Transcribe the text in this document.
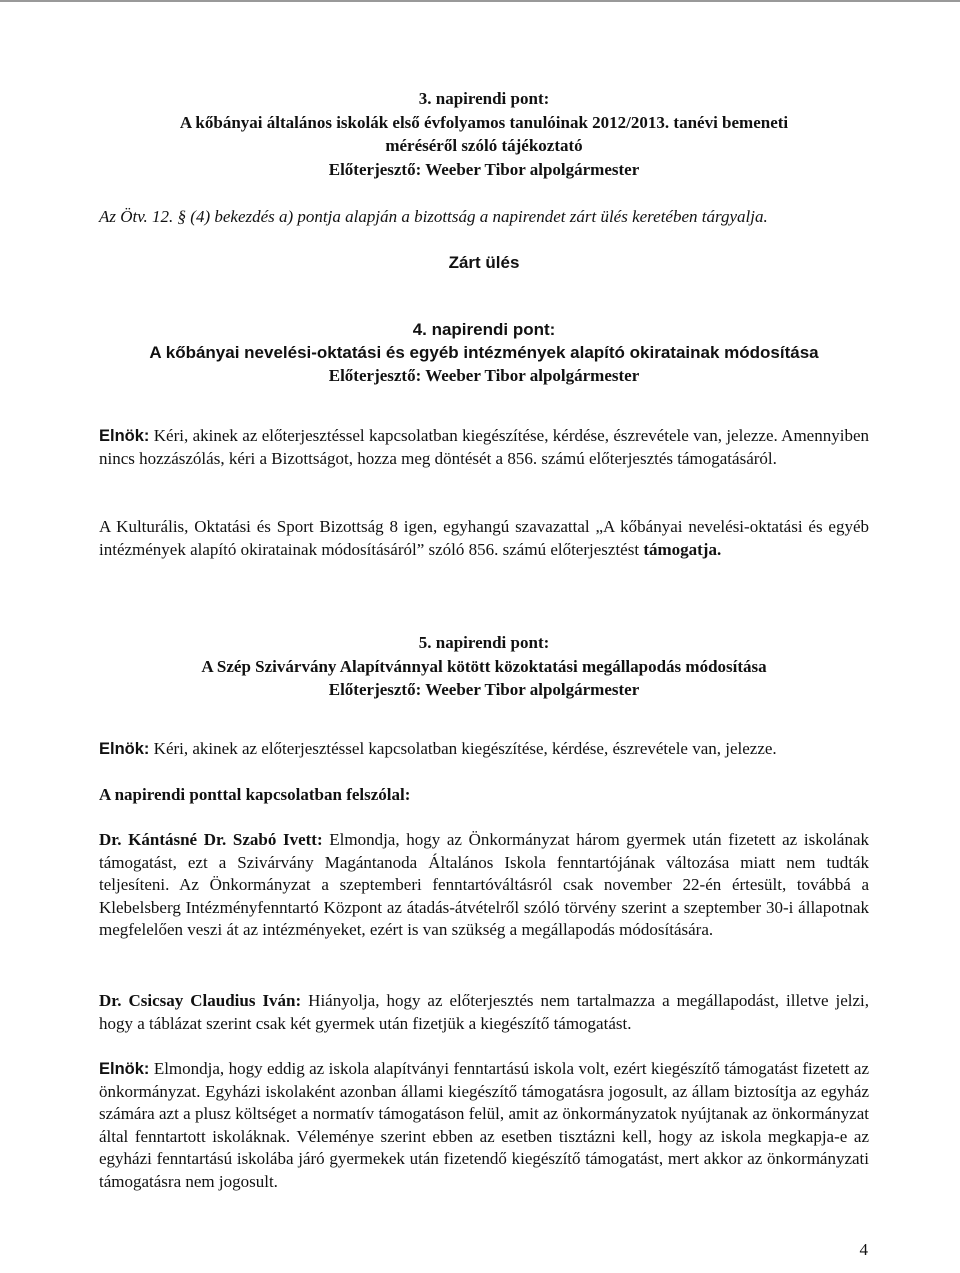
3. napirendi pont:
A kőbányai általános iskolák első évfolyamos tanulóinak 2012/2013. tanévi bemeneti
méréséről szóló tájékoztató
Előterjesztő: Weeber Tibor alpolgármester
Az Ötv. 12. § (4) bekezdés a) pontja alapján a bizottság a napirendet zárt ülés keretében tárgyalja.
Zárt ülés
4. napirendi pont:
A kőbányai nevelési-oktatási és egyéb intézmények alapító okiratainak módosítása
Előterjesztő: Weeber Tibor alpolgármester
Elnök: Kéri, akinek az előterjesztéssel kapcsolatban kiegészítése, kérdése, észrevétele van, jelezze. Amennyiben nincs hozzászólás, kéri a Bizottságot, hozza meg döntését a 856. számú előterjesztés támogatásáról.
A Kulturális, Oktatási és Sport Bizottság 8 igen, egyhangú szavazattal „A kőbányai nevelési-oktatási és egyéb intézmények alapító okiratainak módosításáról” szóló 856. számú előterjesztést támogatja.
5. napirendi pont:
A Szép Szivárvány Alapítvánnyal kötött közoktatási megállapodás módosítása
Előterjesztő: Weeber Tibor alpolgármester
Elnök: Kéri, akinek az előterjesztéssel kapcsolatban kiegészítése, kérdése, észrevétele van, jelezze.
A napirendi ponttal kapcsolatban felszólal:
Dr. Kántásné Dr. Szabó Ivett: Elmondja, hogy az Önkormányzat három gyermek után fizetett az iskolának támogatást, ezt a Szivárvány Magántanoda Általános Iskola fenntartójának változása miatt nem tudták teljesíteni. Az Önkormányzat a szeptemberi fenntartóváltásról csak november 22-én értesült, továbbá a Klebelsberg Intézményfenntartó Központ az átadás-átvételről szóló törvény szerint a szeptember 30-i állapotnak megfelelően veszi át az intézményeket, ezért is van szükség a megállapodás módosítására.
Dr. Csicsay Claudius Iván: Hiányolja, hogy az előterjesztés nem tartalmazza a megállapodást, illetve jelzi, hogy a táblázat szerint csak két gyermek után fizetjük a kiegészítő támogatást.
Elnök: Elmondja, hogy eddig az iskola alapítványi fenntartású iskola volt, ezért kiegészítő támogatást fizetett az önkormányzat. Egyházi iskolaként azonban állami kiegészítő támogatásra jogosult, az állam biztosítja az egyház számára azt a plusz költséget a normatív támogatáson felül, amit az önkormányzatok nyújtanak az önkormányzat által fenntartott iskoláknak. Véleménye szerint ebben az esetben tisztázni kell, hogy az iskola megkapja-e az egyházi fenntartású iskolába járó gyermekek után fizetendő kiegészítő támogatást, mert akkor az önkormányzati támogatásra nem jogosult.
4
